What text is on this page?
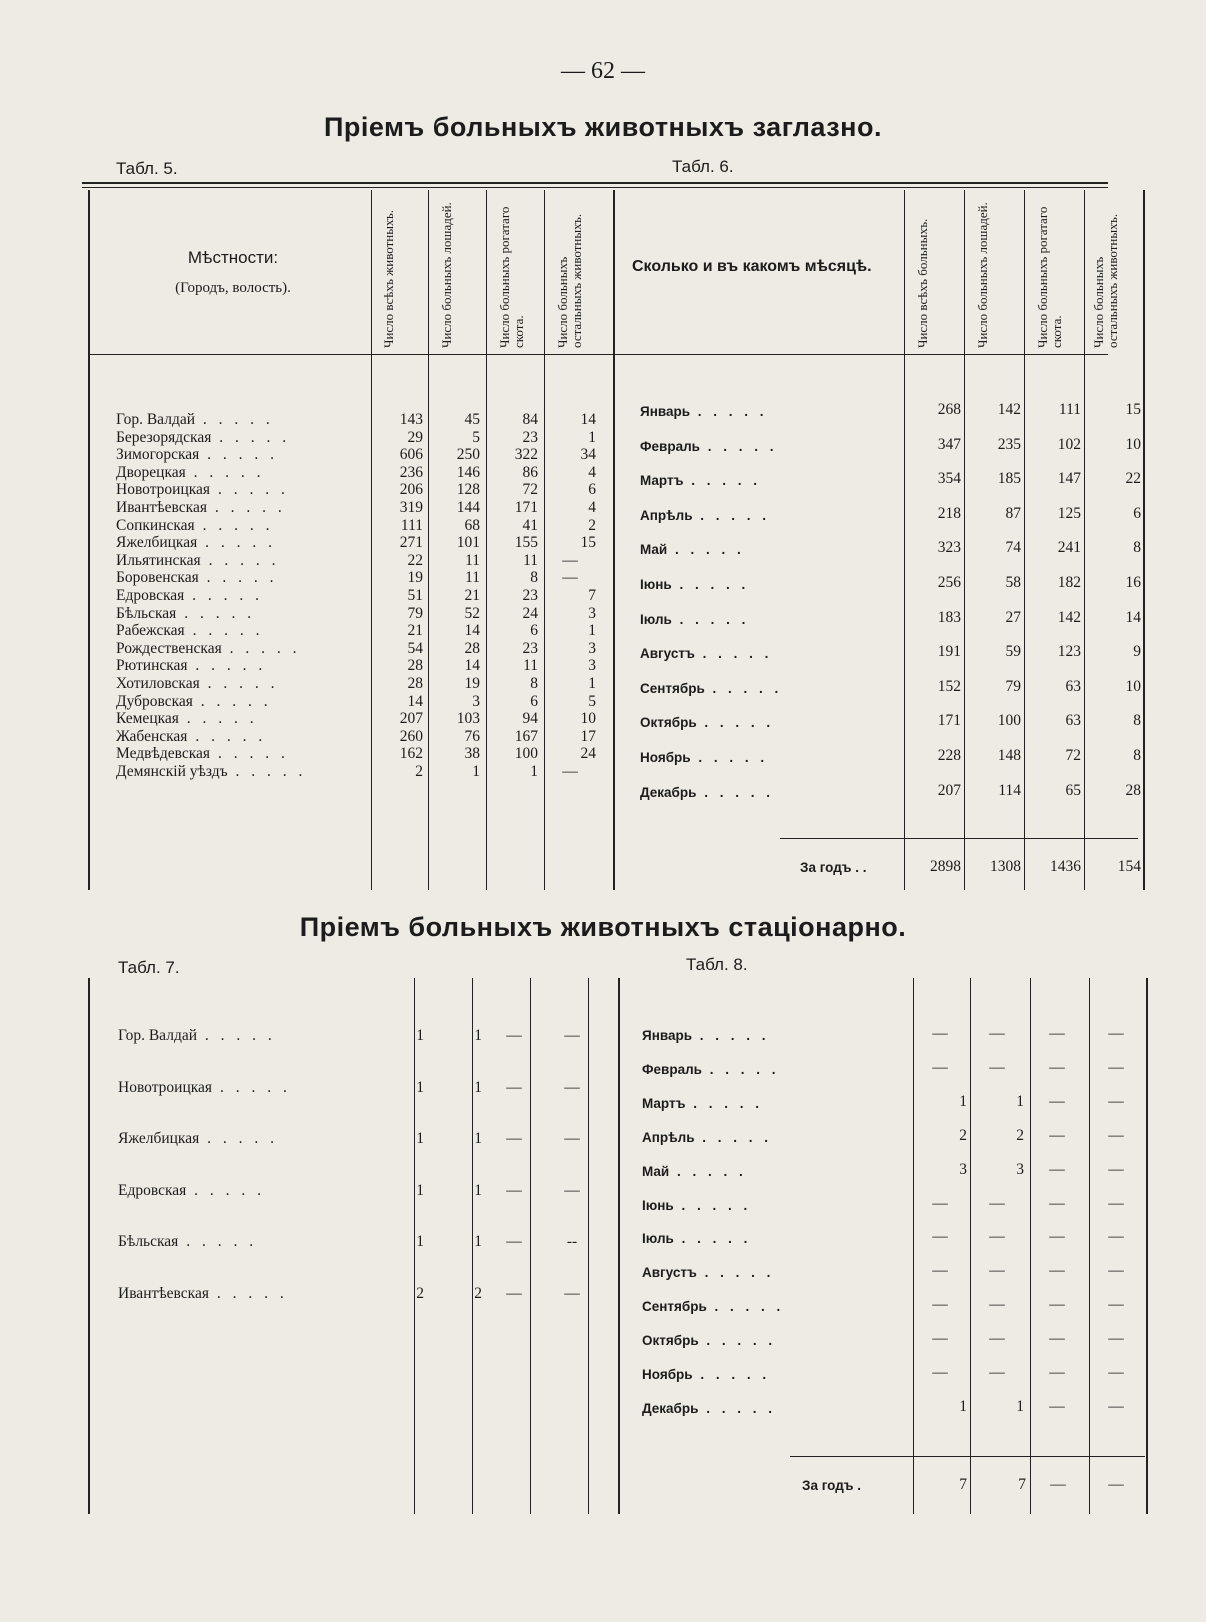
— 62 —
Пріемъ больныхъ животныхъ заглазно.
Табл. 5.	Табл. 6.
Мѣстности:
(Городъ, волость).	Число всѣхъ животныхъ.	Число больныхъ лошадей.	Число больныхъ рогатаго скота.	Число больныхъ остальныхъ животныхъ.	Сколько и въ какомъ мѣсяцѣ.	Число всѣхъ больныхъ.	Число больныхъ лошадей.	Число больныхъ рогатаго скота.	Число больныхъ остальныхъ животныхъ.
Гор. Валдай . . . . .	143	45	84	14
Березорядская . . . . .	29	5	23	1
Зимогорская . . . . .	606	250	322	34
Дворецкая . . . . .	236	146	86	4
Новотроицкая . . . . .	206	128	72	6
Ивантѣевская . . . . .	319	144	171	4
Сопкинская . . . . .	111	68	41	2
Яжелбицкая . . . . .	271	101	155	15
Ильятинская . . . . .	22	11	11	—
Боровенская . . . . .	19	11	8	—
Едровская . . . . .	51	21	23	7
Бѣльская . . . . .	79	52	24	3
Рабежская . . . . .	21	14	6	1
Рождественская . . . . .	54	28	23	3
Рютинская . . . . .	28	14	11	3
Хотиловская . . . . .	28	19	8	1
Дубровская . . . . .	14	3	6	5
Кемецкая . . . . .	207	103	94	10
Жабенская . . . . .	260	76	167	17
Медвѣдевская . . . . .	162	38	100	24
Демянскій уѣздъ . . . . .	2	1	1	—
Январь . . . . .	268	142	111	15
Февраль . . . . .	347	235	102	10
Мартъ . . . . .	354	185	147	22
Апрѣль . . . . .	218	87	125	6
Май . . . . .	323	74	241	8
Іюнь . . . . .	256	58	182	16
Іюль . . . . .	183	27	142	14
Августъ . . . . .	191	59	123	9
Сентябрь . . . . .	152	79	63	10
Октябрь . . . . .	171	100	63	8
Ноябрь . . . . .	228	148	72	8
Декабрь . . . . .	207	114	65	28
За годъ . .	2898	1308	1436	154
Пріемъ больныхъ животныхъ стаціонарно.
Табл. 7.	Табл. 8.
Гор. Валдай . . . . .	1	1	—	—
Новотроицкая . . . . .	1	1	—	—
Яжелбицкая . . . . .	1	1	—	—
Едровская . . . . .	1	1	—	—
Бѣльская . . . . .	1	1	—	--
Ивантѣевская . . . . .	2	2	—	—
Январь . . . . .	—	—	—	—
Февраль . . . . .	—	—	—	—
Мартъ . . . . .	1	1	—	—
Апрѣль . . . . .	2	2	—	—
Май . . . . .	3	3	—	—
Іюнь . . . . .	—	—	—	—
Іюль . . . . .	—	—	—	—
Августъ . . . . .	—	—	—	—
Сентябрь . . . . .	—	—	—	—
Октябрь . . . . .	—	—	—	—
Ноябрь . . . . .	—	—	—	—
Декабрь . . . . .	1	1	—	—
За годъ .	7	7	—	—
